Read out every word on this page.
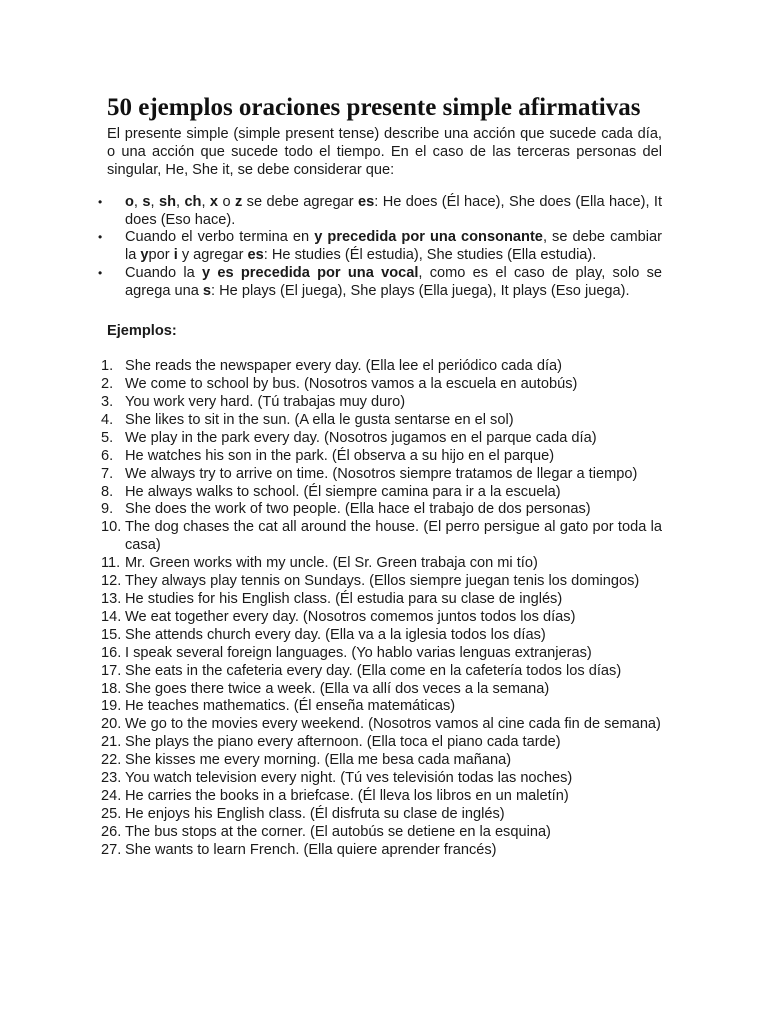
50 ejemplos oraciones presente simple afirmativas

El presente simple (simple present tense) describe una acción que sucede cada día, o una acción que sucede todo el tiempo. En el caso de las terceras personas del singular, He, She it, se debe considerar que:

• o, s, sh, ch, x o z se debe agregar es: He does (Él hace), She does (Ella hace), It does (Eso hace).
• Cuando el verbo termina en y precedida por una consonante, se debe cambiar la ypor i y agregar es: He studies (Él estudia), She studies (Ella estudia).
• Cuando la y es precedida por una vocal, como es el caso de play, solo se agrega una s: He plays (El juega), She plays (Ella juega), It plays (Eso juega).

Ejemplos:

1. She reads the newspaper every day. (Ella lee el periódico cada día)
2. We come to school by bus. (Nosotros vamos a la escuela en autobús)
3. You work very hard. (Tú trabajas muy duro)
4. She likes to sit in the sun. (A ella le gusta sentarse en el sol)
5. We play in the park every day. (Nosotros jugamos en el parque cada día)
6. He watches his son in the park. (Él observa a su hijo en el parque)
7. We always try to arrive on time. (Nosotros siempre tratamos de llegar a tiempo)
8. He always walks to school. (Él siempre camina para ir a la escuela)
9. She does the work of two people. (Ella hace el trabajo de dos personas)
10. The dog chases the cat all around the house. (El perro persigue al gato por toda la casa)
11. Mr. Green works with my uncle. (El Sr. Green trabaja con mi tío)
12. They always play tennis on Sundays. (Ellos siempre juegan tenis los domingos)
13. He studies for his English class. (Él estudia para su clase de inglés)
14. We eat together every day. (Nosotros comemos juntos todos los días)
15. She attends church every day. (Ella va a la iglesia todos los días)
16. I speak several foreign languages. (Yo hablo varias lenguas extranjeras)
17. She eats in the cafeteria every day. (Ella come en la cafetería todos los días)
18. She goes there twice a week. (Ella va allí dos veces a la semana)
19. He teaches mathematics. (Él enseña matemáticas)
20. We go to the movies every weekend. (Nosotros vamos al cine cada fin de semana)
21. She plays the piano every afternoon. (Ella toca el piano cada tarde)
22. She kisses me every morning. (Ella me besa cada mañana)
23. You watch television every night. (Tú ves televisión todas las noches)
24. He carries the books in a briefcase. (Él lleva los libros en un maletín)
25. He enjoys his English class. (Él disfruta su clase de inglés)
26. The bus stops at the corner. (El autobús se detiene en la esquina)
27. She wants to learn French. (Ella quiere aprender francés)
